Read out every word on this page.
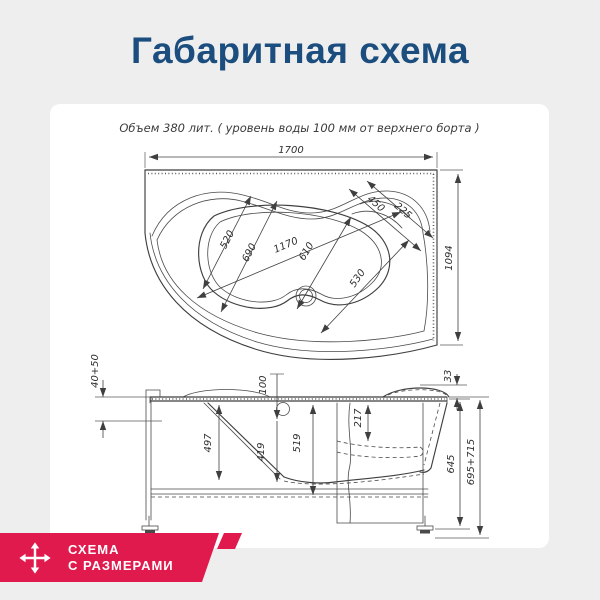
Габаритная схема
Объем 380 лит. ( уровень воды 100 мм от верхнего борта )
1700
1094
450 225
520
690 1170
610
530
40+50	100	33
217
497	419	519
645 695+715
СХЕМА
С РАЗМЕРАМИ
